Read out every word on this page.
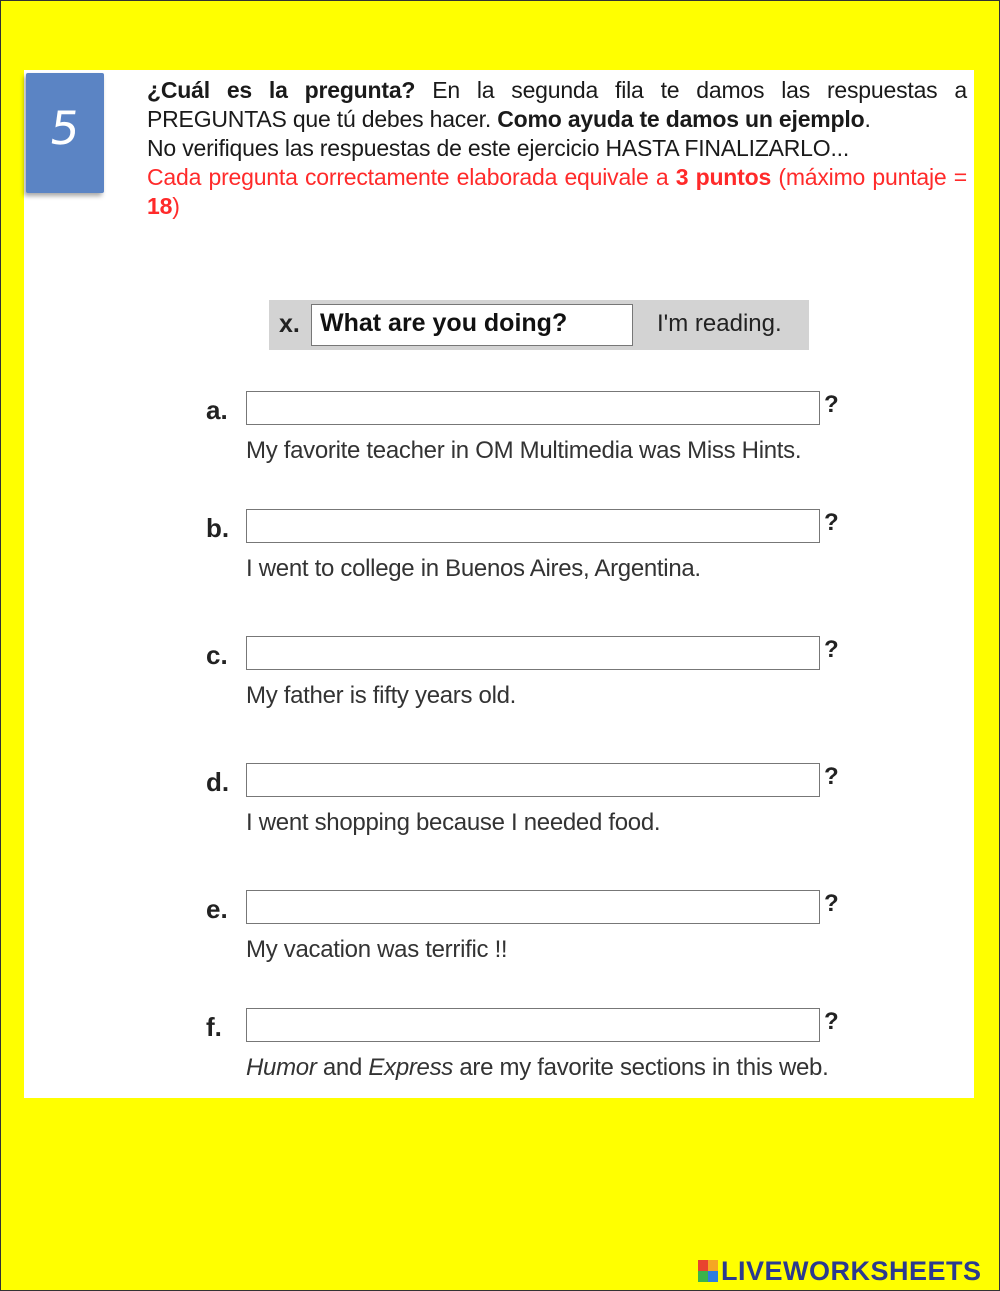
5

¿Cuál es la pregunta? En la segunda fila te damos las respuestas a PREGUNTAS que tú debes hacer. Como ayuda te damos un ejemplo.

No verifiques las respuestas de este ejercicio HASTA FINALIZARLO...

Cada pregunta correctamente elaborada equivale a 3 puntos (máximo puntaje = 18)

x. What are you doing?	I'm reading.
a.	?
My favorite teacher in OM Multimedia was Miss Hints.
b.	?
I went to college in Buenos Aires, Argentina.
c.	?
My father is fifty years old.
d.	?
I went shopping because I needed food.
e.	?
My vacation was terrific !!
f.	?
Humor and Express are my favorite sections in this web.
LIVEWORKSHEETS
